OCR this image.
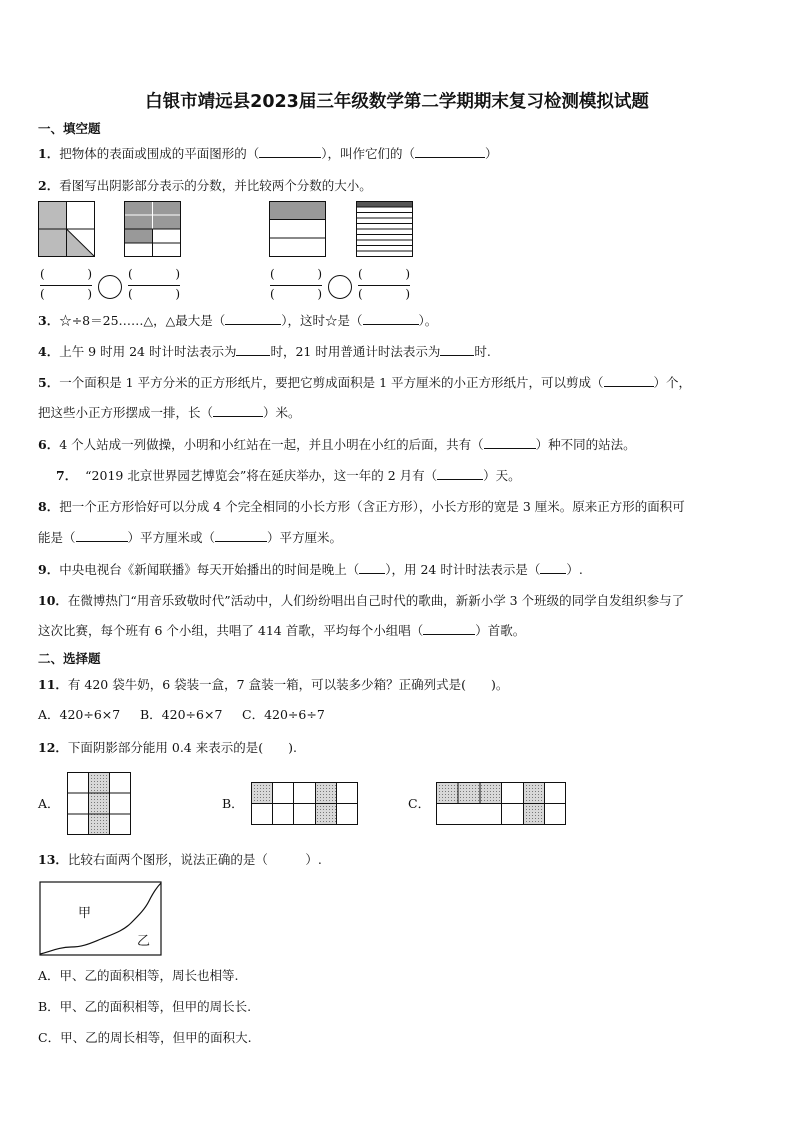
白银市靖远县2023届三年级数学第二学期期末复习检测模拟试题
一、填空题
1．把物体的表面或围成的平面图形的（	），叫作它们的（	）
2．看图写出阴影部分表示的分数，并比较两个分数的大小。
(	)
(	)
(	)
(	)
(	)
(	)
(	)
(	)
3．☆÷8＝25……△，△最大是（	），这时☆是（	）。
4．上午 9 时用 24 时计时法表示为	时，21 时用普通计时法表示为	时.
5．一个面积是 1 平方分米的正方形纸片，要把它剪成面积是 1 平方厘米的小正方形纸片，可以剪成（	）个，
把这些小正方形摆成一排，长（	）米。
6．4 个人站成一列做操，小明和小红站在一起，并且小明在小红的后面，共有（	）种不同的站法。
7． “2019 北京世界园艺博览会”将在延庆举办，这一年的 2 月有（	）天。
8．把一个正方形恰好可以分成 4 个完全相同的小长方形（含正方形），小长方形的宽是 3 厘米。原来正方形的面积可
能是（	）平方厘米或（	）平方厘米。
9．中央电视台《新闻联播》每天开始播出的时间是晚上（ ），用 24 时计时法表示是（ ）.
10．在微博热门“用音乐致敬时代”活动中，人们纷纷唱出自己时代的歌曲，新新小学 3 个班级的同学自发组织参与了
这次比赛，每个班有 6 个小组，共唱了 414 首歌，平均每个小组唱（	）首歌。
二、选择题
11．有 420 袋牛奶，6 袋装一盒，7 盒装一箱，可以装多少箱？正确列式是(　　)。
A．420÷6×7 B．420÷6×7 C．420÷6÷7
12．下面阴影部分能用 0.4 来表示的是(　　).
A．	B．	C．
13．比较右面两个图形，说法正确的是（　　　）.
甲
乙
A．甲、乙的面积相等，周长也相等.
B．甲、乙的面积相等，但甲的周长长.
C．甲、乙的周长相等，但甲的面积大.
